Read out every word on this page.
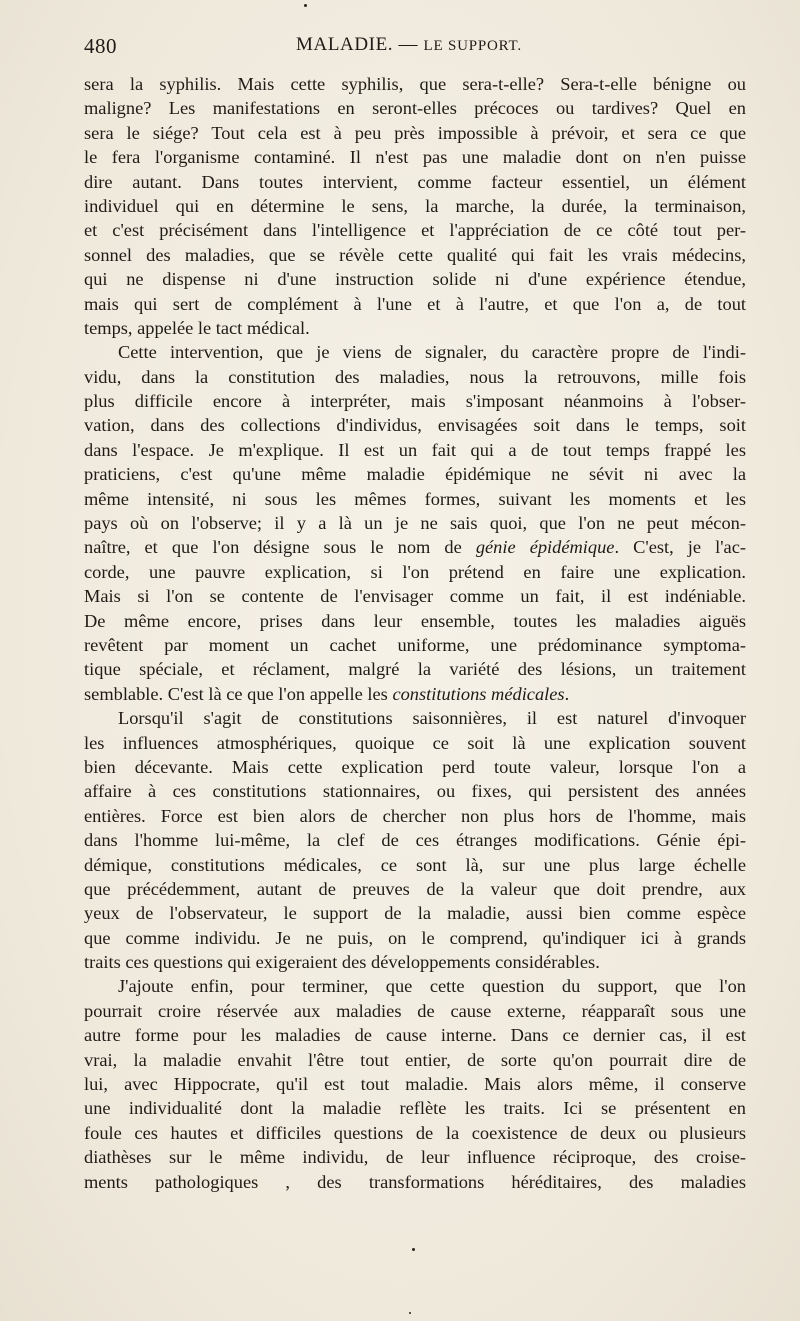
480	MALADIE. — LE SUPPORT.
sera la syphilis. Mais cette syphilis, que sera-t-elle? Sera-t-elle bénigne ou
maligne? Les manifestations en seront-elles précoces ou tardives? Quel en
sera le siége? Tout cela est à peu près impossible à prévoir, et sera ce que
le fera l'organisme contaminé. Il n'est pas une maladie dont on n'en puisse
dire autant. Dans toutes intervient, comme facteur essentiel, un élément
individuel qui en détermine le sens, la marche, la durée, la terminaison,
et c'est précisément dans l'intelligence et l'appréciation de ce côté tout per-
sonnel des maladies, que se révèle cette qualité qui fait les vrais médecins,
qui ne dispense ni d'une instruction solide ni d'une expérience étendue,
mais qui sert de complément à l'une et à l'autre, et que l'on a, de tout
temps, appelée le tact médical.
Cette intervention, que je viens de signaler, du caractère propre de l'indi-
vidu, dans la constitution des maladies, nous la retrouvons, mille fois
plus difficile encore à interpréter, mais s'imposant néanmoins à l'obser-
vation, dans des collections d'individus, envisagées soit dans le temps, soit
dans l'espace. Je m'explique. Il est un fait qui a de tout temps frappé les
praticiens, c'est qu'une même maladie épidémique ne sévit ni avec la
même intensité, ni sous les mêmes formes, suivant les moments et les
pays où on l'observe; il y a là un je ne sais quoi, que l'on ne peut mécon-
naître, et que l'on désigne sous le nom de génie épidémique. C'est, je l'ac-
corde, une pauvre explication, si l'on prétend en faire une explication.
Mais si l'on se contente de l'envisager comme un fait, il est indéniable.
De même encore, prises dans leur ensemble, toutes les maladies aiguës
revêtent par moment un cachet uniforme, une prédominance symptoma-
tique spéciale, et réclament, malgré la variété des lésions, un traitement
semblable. C'est là ce que l'on appelle les constitutions médicales.
Lorsqu'il s'agit de constitutions saisonnières, il est naturel d'invoquer
les influences atmosphériques, quoique ce soit là une explication souvent
bien décevante. Mais cette explication perd toute valeur, lorsque l'on a
affaire à ces constitutions stationnaires, ou fixes, qui persistent des années
entières. Force est bien alors de chercher non plus hors de l'homme, mais
dans l'homme lui-même, la clef de ces étranges modifications. Génie épi-
démique, constitutions médicales, ce sont là, sur une plus large échelle
que précédemment, autant de preuves de la valeur que doit prendre, aux
yeux de l'observateur, le support de la maladie, aussi bien comme espèce
que comme individu. Je ne puis, on le comprend, qu'indiquer ici à grands
traits ces questions qui exigeraient des développements considérables.
J'ajoute enfin, pour terminer, que cette question du support, que l'on
pourrait croire réservée aux maladies de cause externe, réapparaît sous une
autre forme pour les maladies de cause interne. Dans ce dernier cas, il est
vrai, la maladie envahit l'être tout entier, de sorte qu'on pourrait dire de
lui, avec Hippocrate, qu'il est tout maladie. Mais alors même, il conserve
une individualité dont la maladie reflète les traits. Ici se présentent en
foule ces hautes et difficiles questions de la coexistence de deux ou plusieurs
diathèses sur le même individu, de leur influence réciproque, des croise-
ments pathologiques , des transformations héréditaires, des maladies
